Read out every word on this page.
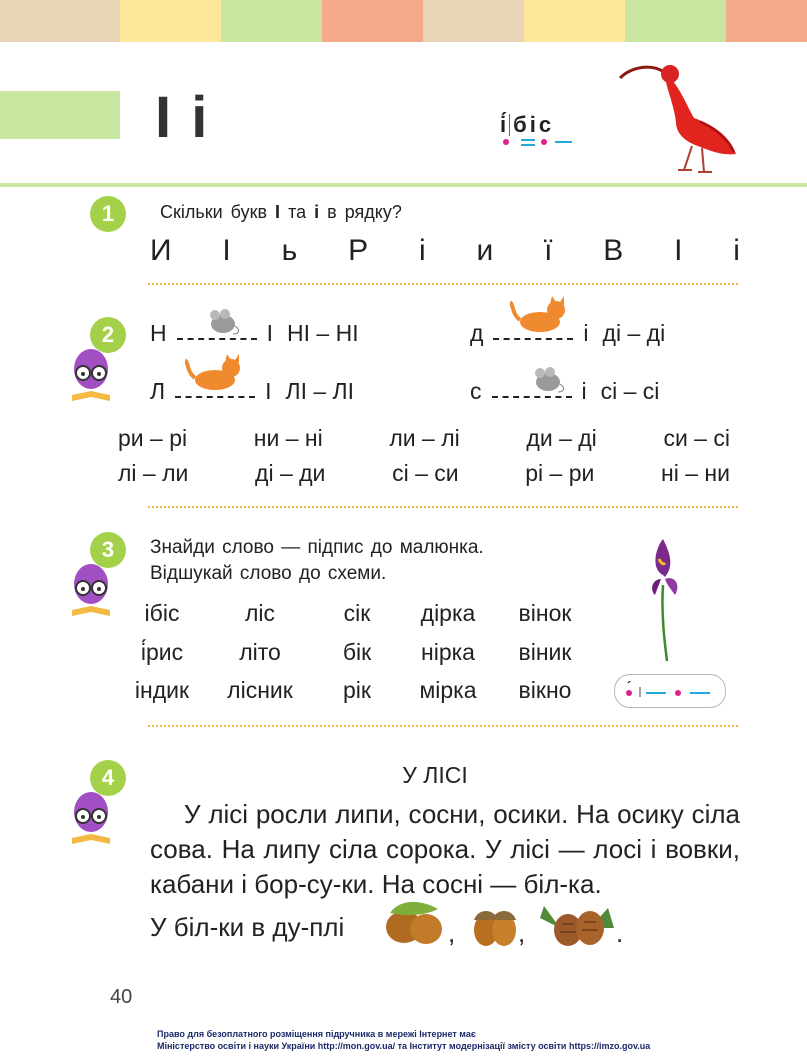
І і	і́ б і с
1	Скільки букв І та і в рядку?
И І ь Р і и ї В І і
2	Н	І НІ – НІ	д	і ді – ді
Л	І ЛІ – ЛІ	с	і сі – сі
ри – рі	ни – ні	ли – лі	ди – ді	си – сі
лі – ли	ді – ди	сі – си	рі – ри	ні – ни
3	Знайди слово — підпис до малюнка.
Відшукай слово до схеми.
ібіс	ліс	сік	дірка	вінок
і́рис	літо	бік	нірка	віник
індик	лісник	рік	мірка	вікно
4	У ЛІСІ
У лісі росли липи, сосни, осики. На осику сіла сова. На липу сіла сорока. У лісі — лосі і вовки, кабани і бор-су-ки. На сосні — біл-ка.
У біл-ки в ду-плі	, ,	.
40
Право для безоплатного розміщення підручника в мережі Інтернет має
Міністерство освіти і науки України http://mon.gov.ua/ та Інститут модернізації змісту освіти https://imzo.gov.ua
